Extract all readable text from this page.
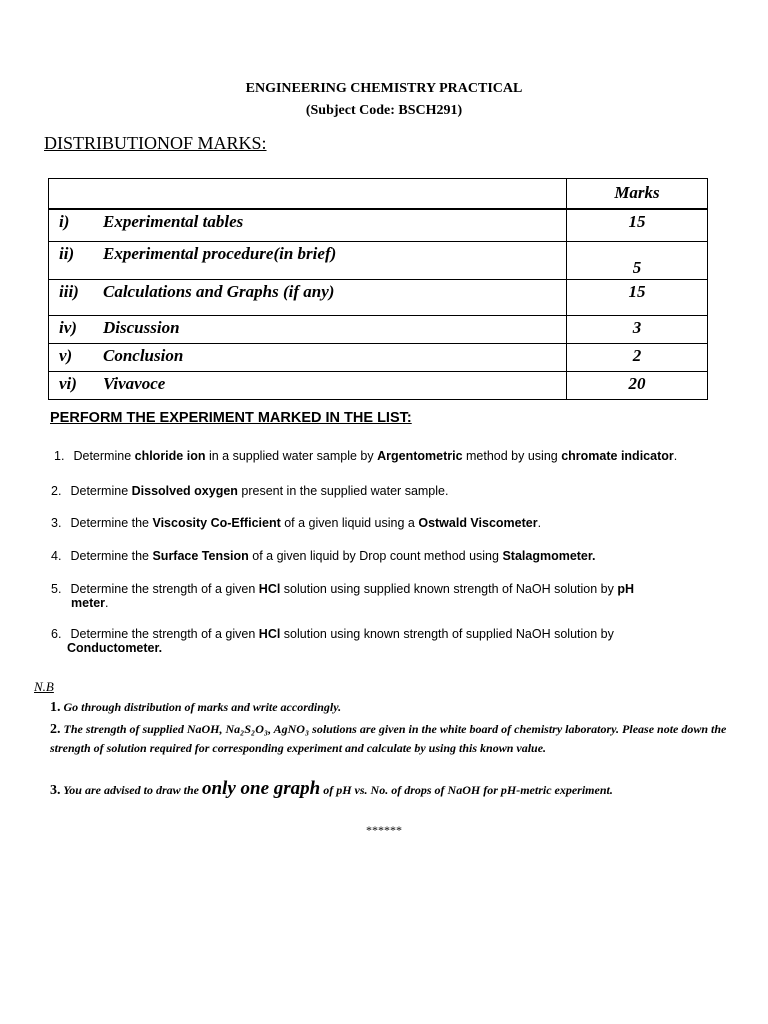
ENGINEERING CHEMISTRY PRACTICAL
(Subject Code: BSCH291)
DISTRIBUTIONOF MARKS:
	Marks
i) Experimental tables	15
ii) Experimental procedure(in brief)	5
iii) Calculations and Graphs (if any)	15
iv) Discussion	3
v) Conclusion	2
vi) Vivavoce	20
PERFORM THE EXPERIMENT MARKED IN THE LIST:
1. Determine chloride ion in a supplied water sample by Argentometric method by using chromate indicator.
2. Determine Dissolved oxygen present in the supplied water sample.
3. Determine the Viscosity Co-Efficient of a given liquid using a Ostwald Viscometer.
4. Determine the Surface Tension of a given liquid by Drop count method using Stalagmometer.
5. Determine the strength of a given HCl solution using supplied known strength of NaOH solution by pH
meter.
6. Determine the strength of a given HCl solution using known strength of supplied NaOH solution by
Conductometer.
N.B
1. Go through distribution of marks and write accordingly.
2. The strength of supplied NaOH, Na₂S₂O₃, AgNO₃ solutions are given in the white board of chemistry laboratory. Please note down the strength of solution required for corresponding experiment and calculate by using this known value.
3. You are advised to draw the only one graph of pH vs. No. of drops of NaOH for pH-metric experiment.
******
